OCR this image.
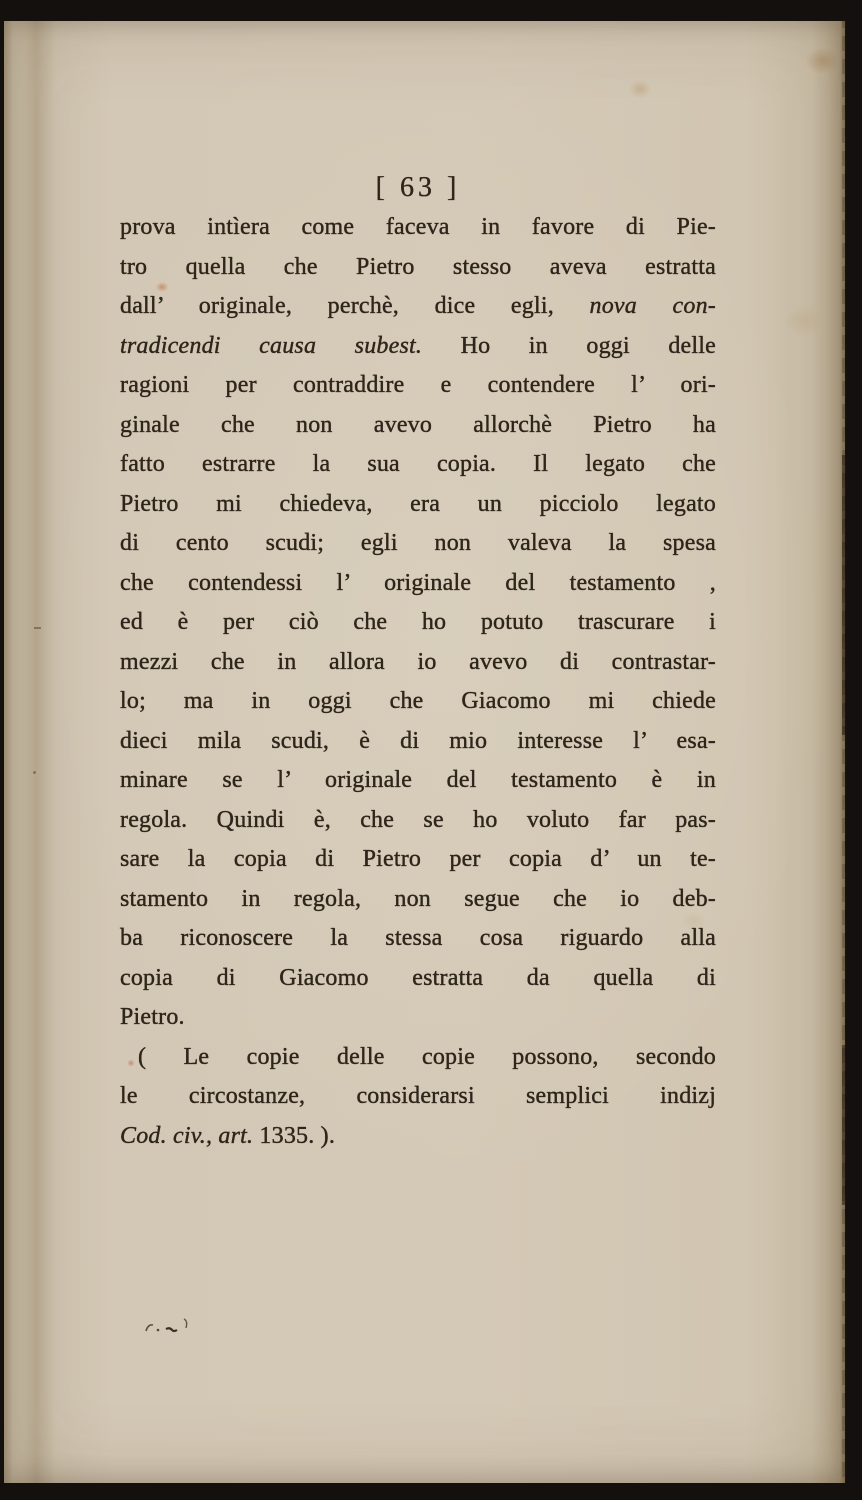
[ 63 ]
prova intìera come faceva in favore di Pie-
tro quella che Pietro stesso aveva estratta
dall’ originale, perchè, dice egli, nova con-
tradicendi causa subest. Ho in oggi delle
ragioni per contraddire e contendere l’ ori-
ginale che non avevo allorchè Pietro ha
fatto estrarre la sua copia. Il legato che
Pietro mi chiedeva, era un picciolo legato
di cento scudi; egli non valeva la spesa
che contendessi l’ originale del testamento ,
ed è per ciò che ho potuto trascurare i
mezzi che in allora io avevo di contrastar-
lo; ma in oggi che Giacomo mi chiede
dieci mila scudi, è di mio interesse l’ esa-
minare se l’ originale del testamento è in
regola. Quindi è, che se ho voluto far pas-
sare la copia di Pietro per copia d’ un te-
stamento in regola, non segue che io deb-
ba riconoscere la stessa cosa riguardo alla
copia di Giacomo estratta da quella di
Pietro.
( Le copie delle copie possono, secondo
le circostanze, considerarsi semplici indizj
Cod. civ., art. 1335. ).
